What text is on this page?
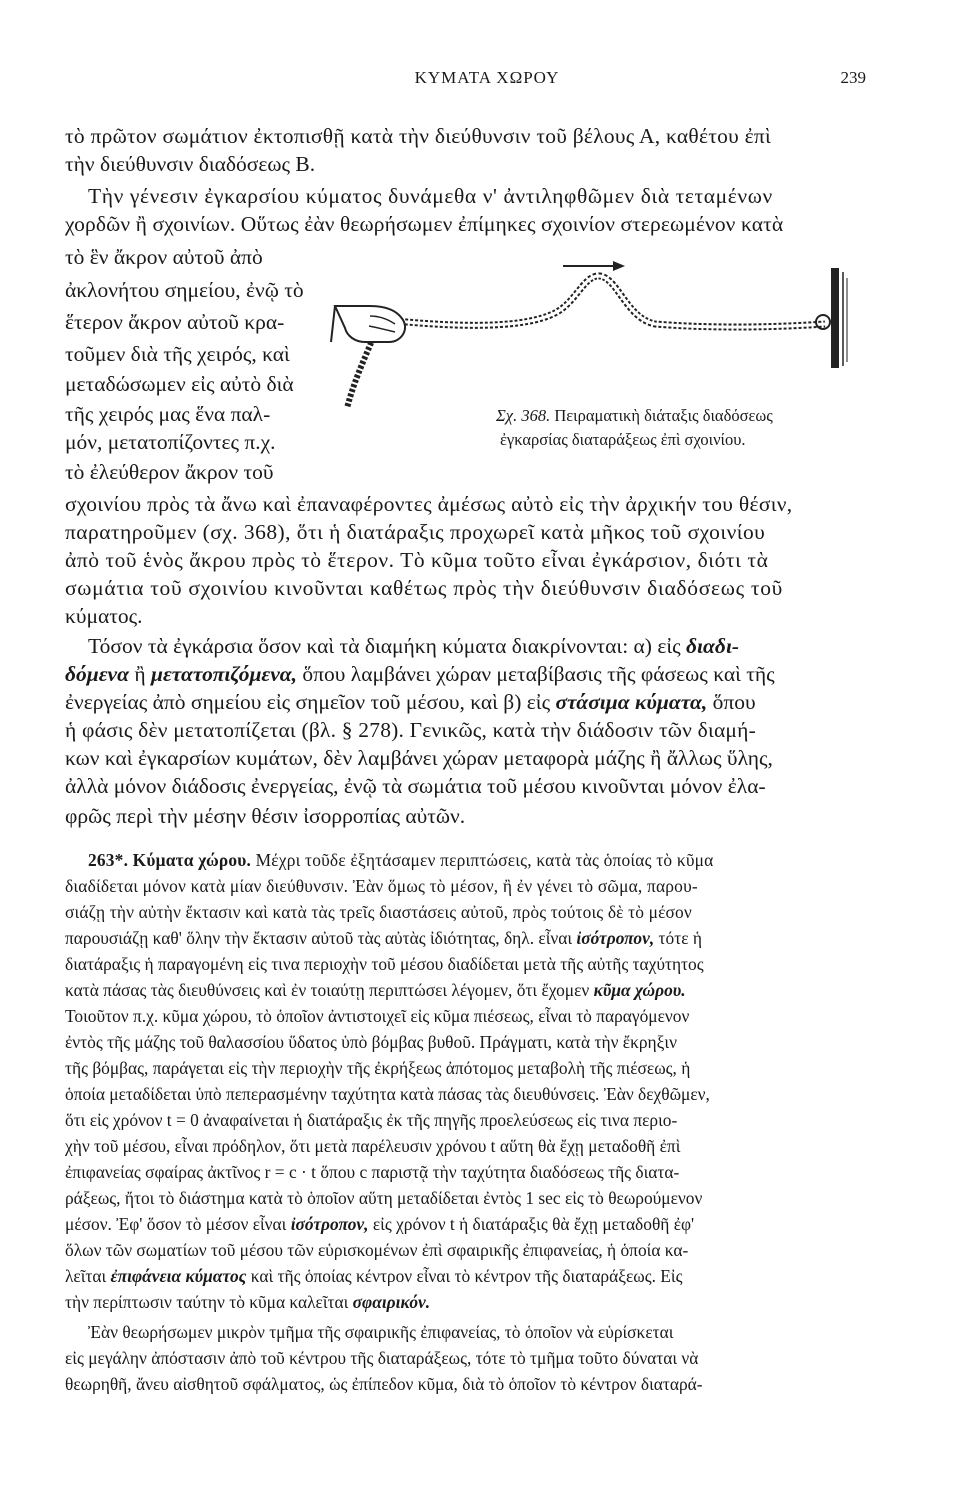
ΚΥΜΑΤΑ ΧΩΡΟΥ	239
τὸ πρῶτον σωμάτιον ἐκτοπισθῇ κατὰ τὴν διεύθυνσιν τοῦ βέλους Α, καθέτου ἐπὶ
τὴν διεύθυνσιν διαδόσεως Β.
Τὴν γένεσιν ἐγκαρσίου κύματος δυνάμεθα ν' ἀντιληφθῶμεν διὰ τεταμένων
χορδῶν ἢ σχοινίων. Οὕτως ἐὰν θεωρήσωμεν ἐπίμηκες σχοινίον στερεωμένον κατὰ
τὸ ἓν ἄκρον αὐτοῦ ἀπὸ
ἀκλονήτου σημείου, ἐνῷ τὸ
ἕτερον ἄκρον αὐτοῦ κρα-
τοῦμεν διὰ τῆς χειρός, καὶ
μεταδώσωμεν εἰς αὐτὸ διὰ
τῆς χειρός μας ἕνα παλ-
μόν, μετατοπίζοντες π.χ.
τὸ ἐλεύθερον ἄκρον τοῦ
Σχ. 368. Πειραματικὴ διάταξις διαδόσεως
ἐγκαρσίας διαταράξεως ἐπὶ σχοινίου.
σχοινίου πρὸς τὰ ἄνω καὶ ἐπαναφέροντες ἀμέσως αὐτὸ εἰς τὴν ἀρχικήν του θέσιν,
παρατηροῦμεν (σχ. 368), ὅτι ἡ διατάραξις προχωρεῖ κατὰ μῆκος τοῦ σχοινίου
ἀπὸ τοῦ ἑνὸς ἄκρου πρὸς τὸ ἕτερον. Τὸ κῦμα τοῦτο εἶναι ἐγκάρσιον, διότι τὰ
σωμάτια τοῦ σχοινίου κινοῦνται καθέτως πρὸς τὴν διεύθυνσιν διαδόσεως τοῦ
κύματος.
Τόσον τὰ ἐγκάρσια ὅσον καὶ τὰ διαμήκη κύματα διακρίνονται: α) εἰς διαδι-
δόμενα ἢ μετατοπιζόμενα, ὅπου λαμβάνει χώραν μεταβίβασις τῆς φάσεως καὶ τῆς
ἐνεργείας ἀπὸ σημείου εἰς σημεῖον τοῦ μέσου, καὶ β) εἰς στάσιμα κύματα, ὅπου
ἡ φάσις δὲν μετατοπίζεται (βλ. § 278). Γενικῶς, κατὰ τὴν διάδοσιν τῶν διαμή-
κων καὶ ἐγκαρσίων κυμάτων, δὲν λαμβάνει χώραν μεταφορὰ μάζης ἢ ἄλλως ὕλης,
ἀλλὰ μόνον διάδοσις ἐνεργείας, ἐνῷ τὰ σωμάτια τοῦ μέσου κινοῦνται μόνον ἐλα-
φρῶς περὶ τὴν μέσην θέσιν ἰσορροπίας αὐτῶν.
263*. Κύματα χώρου. Μέχρι τοῦδε ἐξητάσαμεν περιπτώσεις, κατὰ τὰς ὁποίας τὸ κῦμα
διαδίδεται μόνον κατὰ μίαν διεύθυνσιν. Ἐὰν ὅμως τὸ μέσον, ἢ ἐν γένει τὸ σῶμα, παρου-
σιάζῃ τὴν αὐτὴν ἔκτασιν καὶ κατὰ τὰς τρεῖς διαστάσεις αὐτοῦ, πρὸς τούτοις δὲ τὸ μέσον
παρουσιάζῃ καθ' ὅλην τὴν ἔκτασιν αὐτοῦ τὰς αὐτὰς ἰδιότητας, δηλ. εἶναι ἰσότροπον, τότε ἡ
διατάραξις ἡ παραγομένη εἰς τινα περιοχὴν τοῦ μέσου διαδίδεται μετὰ τῆς αὐτῆς ταχύτητος
κατὰ πάσας τὰς διευθύνσεις καὶ ἐν τοιαύτῃ περιπτώσει λέγομεν, ὅτι ἔχομεν κῦμα χώρου.
Τοιοῦτον π.χ. κῦμα χώρου, τὸ ὁποῖον ἀντιστοιχεῖ εἰς κῦμα πιέσεως, εἶναι τὸ παραγόμενον
ἐντὸς τῆς μάζης τοῦ θαλασσίου ὕδατος ὑπὸ βόμβας βυθοῦ. Πράγματι, κατὰ τὴν ἔκρηξιν
τῆς βόμβας, παράγεται εἰς τὴν περιοχὴν τῆς ἐκρήξεως ἀπότομος μεταβολὴ τῆς πιέσεως, ἡ
ὁποία μεταδίδεται ὑπὸ πεπερασμένην ταχύτητα κατὰ πάσας τὰς διευθύνσεις. Ἐὰν δεχθῶμεν,
ὅτι εἰς χρόνον t = 0 ἀναφαίνεται ἡ διατάραξις ἐκ τῆς πηγῆς προελεύσεως εἰς τινα περιο-
χὴν τοῦ μέσου, εἶναι πρόδηλον, ὅτι μετὰ παρέλευσιν χρόνου t αὕτη θὰ ἔχῃ μεταδοθῆ ἐπὶ
ἐπιφανείας σφαίρας ἀκτῖνος r = c · t ὅπου c παριστᾷ τὴν ταχύτητα διαδόσεως τῆς διατα-
ράξεως, ἤτοι τὸ διάστημα κατὰ τὸ ὁποῖον αὕτη μεταδίδεται ἐντὸς 1 sec εἰς τὸ θεωρούμενον
μέσον. Ἐφ' ὅσον τὸ μέσον εἶναι ἰσότροπον, εἰς χρόνον t ἡ διατάραξις θὰ ἔχῃ μεταδοθῆ ἐφ'
ὅλων τῶν σωματίων τοῦ μέσου τῶν εὑρισκομένων ἐπὶ σφαιρικῆς ἐπιφανείας, ἡ ὁποία κα-
λεῖται ἐπιφάνεια κύματος καὶ τῆς ὁποίας κέντρον εἶναι τὸ κέντρον τῆς διαταράξεως. Εἰς
τὴν περίπτωσιν ταύτην τὸ κῦμα καλεῖται σφαιρικόν.
Ἐὰν θεωρήσωμεν μικρὸν τμῆμα τῆς σφαιρικῆς ἐπιφανείας, τὸ ὁποῖον νὰ εὑρίσκεται
εἰς μεγάλην ἀπόστασιν ἀπὸ τοῦ κέντρου τῆς διαταράξεως, τότε τὸ τμῆμα τοῦτο δύναται νὰ
θεωρηθῆ, ἄνευ αἰσθητοῦ σφάλματος, ὡς ἐπίπεδον κῦμα, διὰ τὸ ὁποῖον τὸ κέντρον διαταρά-
